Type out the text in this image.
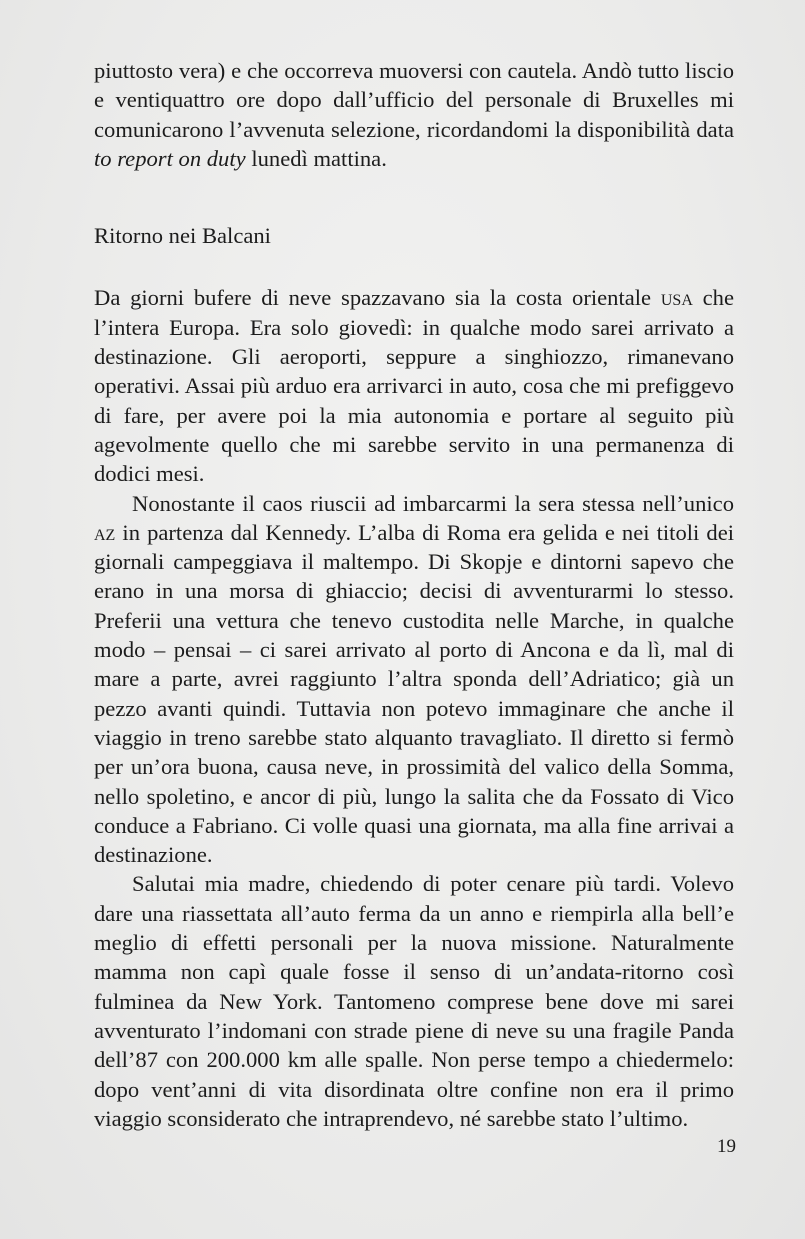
piuttosto vera) e che occorreva muoversi con cautela. Andò tutto liscio e ventiquattro ore dopo dall’ufficio del personale di Bruxelles mi comunicarono l’avvenuta selezione, ricordandomi la disponibilità data to report on duty lunedì mattina.

Ritorno nei Balcani

Da giorni bufere di neve spazzavano sia la costa orientale usa che l’intera Europa. Era solo giovedì: in qualche modo sarei arrivato a destinazione. Gli aeroporti, seppure a singhiozzo, rimanevano operativi. Assai più arduo era arrivarci in auto, cosa che mi prefiggevo di fare, per avere poi la mia autonomia e portare al seguito più agevolmente quello che mi sarebbe servito in una permanenza di dodici mesi.

Nonostante il caos riuscii ad imbarcarmi la sera stessa nell’unico az in partenza dal Kennedy. L’alba di Roma era gelida e nei titoli dei giornali campeggiava il maltempo. Di Skopje e dintorni sapevo che erano in una morsa di ghiaccio; decisi di avventurarmi lo stesso. Preferii una vettura che tenevo custodita nelle Marche, in qualche modo – pensai – ci sarei arrivato al porto di Ancona e da lì, mal di mare a parte, avrei raggiunto l’altra sponda dell’Adriatico; già un pezzo avanti quindi. Tuttavia non potevo immaginare che anche il viaggio in treno sarebbe stato alquanto travagliato. Il diretto si fermò per un’ora buona, causa neve, in prossimità del valico della Somma, nello spoletino, e ancor di più, lungo la salita che da Fossato di Vico conduce a Fabriano. Ci volle quasi una giornata, ma alla fine arrivai a destinazione.

Salutai mia madre, chiedendo di poter cenare più tardi. Volevo dare una riassettata all’auto ferma da un anno e riempirla alla bell’e meglio di effetti personali per la nuova missione. Naturalmente mamma non capì quale fosse il senso di un’andata-ritorno così fulminea da New York. Tantomeno comprese bene dove mi sarei avventurato l’indomani con strade piene di neve su una fragile Panda dell’87 con 200.000 km alle spalle. Non perse tempo a chiedermelo: dopo vent’anni di vita disordinata oltre confine non era il primo viaggio sconsiderato che intraprendevo, né sarebbe stato l’ultimo.

19
